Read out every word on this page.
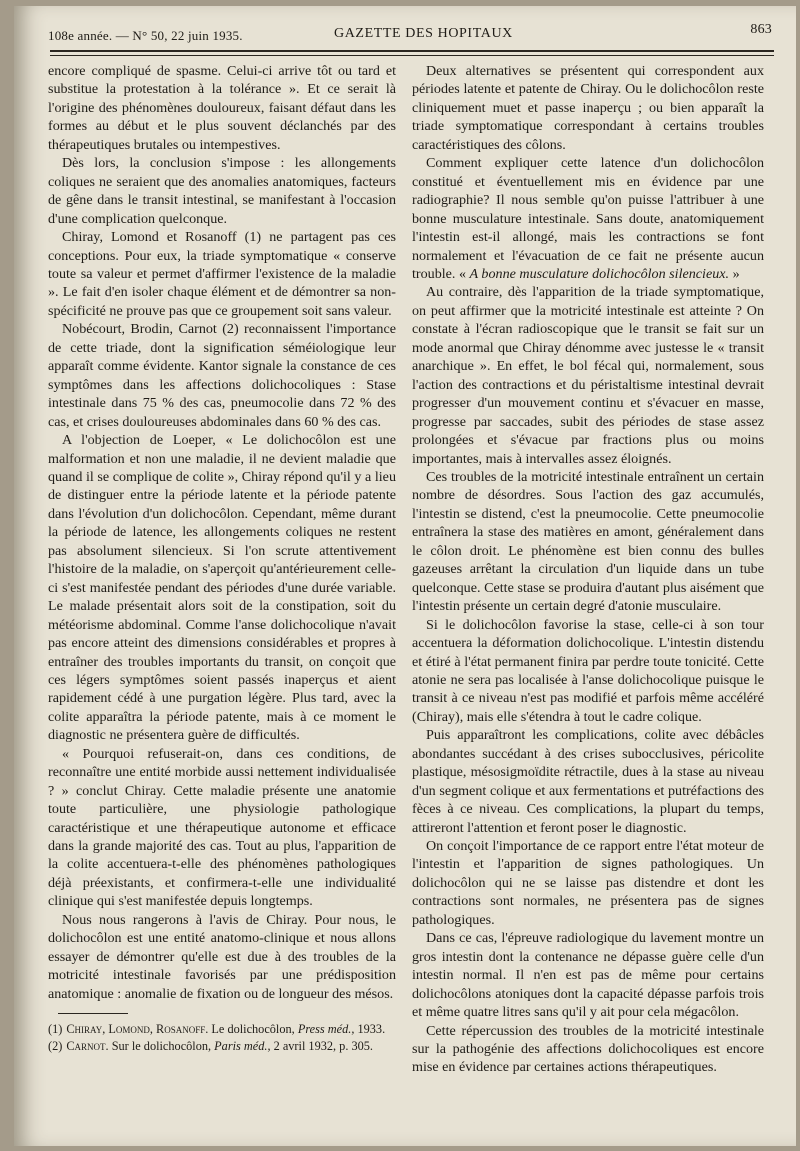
108e année. — N° 50, 22 juin 1935.	GAZETTE DES HOPITAUX	863

encore compliqué de spasme. Celui-ci arrive tôt ou tard et substitue la protestation à la tolérance ». Et ce serait là l'origine des phénomènes douloureux, faisant défaut dans les formes au début et le plus souvent déclanchés par des thérapeutiques brutales ou intempestives.

Dès lors, la conclusion s'impose : les allongements coliques ne seraient que des anomalies anatomiques, facteurs de gêne dans le transit intestinal, se manifestant à l'occasion d'une complication quelconque.

Chiray, Lomond et Rosanoff (1) ne partagent pas ces conceptions. Pour eux, la triade symptomatique « conserve toute sa valeur et permet d'affirmer l'existence de la maladie ». Le fait d'en isoler chaque élément et de démontrer sa non-spécificité ne prouve pas que ce groupement soit sans valeur.

Nobécourt, Brodin, Carnot (2) reconnaissent l'importance de cette triade, dont la signification séméiologique leur apparaît comme évidente. Kantor signale la constance de ces symptômes dans les affections dolichocoliques : Stase intestinale dans 75 % des cas, pneumocolie dans 72 % des cas, et crises douloureuses abdominales dans 60 % des cas.

A l'objection de Loeper, « Le dolichocôlon est une malformation et non une maladie, il ne devient maladie que quand il se complique de colite », Chiray répond qu'il y a lieu de distinguer entre la période latente et la période patente dans l'évolution d'un dolichocôlon. Cependant, même durant la période de latence, les allongements coliques ne restent pas absolument silencieux. Si l'on scrute attentivement l'histoire de la maladie, on s'aperçoit qu'antérieurement celle-ci s'est manifestée pendant des périodes d'une durée variable. Le malade présentait alors soit de la constipation, soit du météorisme abdominal. Comme l'anse dolichocolique n'avait pas encore atteint des dimensions considérables et propres à entraîner des troubles importants du transit, on conçoit que ces légers symptômes soient passés inaperçus et aient rapidement cédé à une purgation légère. Plus tard, avec la colite apparaîtra la période patente, mais à ce moment le diagnostic ne présentera guère de difficultés.

« Pourquoi refuserait-on, dans ces conditions, de reconnaître une entité morbide aussi nettement individualisée ? » conclut Chiray. Cette maladie présente une anatomie toute particulière, une physiologie pathologique caractéristique et une thérapeutique autonome et efficace dans la grande majorité des cas. Tout au plus, l'apparition de la colite accentuera-t-elle des phénomènes pathologiques déjà préexistants, et confirmera-t-elle une individualité clinique qui s'est manifestée depuis longtemps.

Nous nous rangerons à l'avis de Chiray. Pour nous, le dolichocôlon est une entité anatomo-clinique et nous allons essayer de démontrer qu'elle est due à des troubles de la motricité intestinale favorisés par une prédisposition anatomique : anomalie de fixation ou de longueur des mésos.

(1) Chiray, Lomond, Rosanoff. Le dolichocôlon, Press méd., 1933.

(2) Carnot. Sur le dolichocôlon, Paris méd., 2 avril 1932, p. 305.

Deux alternatives se présentent qui correspondent aux périodes latente et patente de Chiray. Ou le dolichocôlon reste cliniquement muet et passe inaperçu ; ou bien apparaît la triade symptomatique correspondant à certains troubles caractéristiques des côlons.

Comment expliquer cette latence d'un dolichocôlon constitué et éventuellement mis en évidence par une radiographie? Il nous semble qu'on puisse l'attribuer à une bonne musculature intestinale. Sans doute, anatomiquement l'intestin est-il allongé, mais les contractions se font normalement et l'évacuation de ce fait ne présente aucun trouble. « A bonne musculature dolichocôlon silencieux. »

Au contraire, dès l'apparition de la triade symptomatique, on peut affirmer que la motricité intestinale est atteinte ? On constate à l'écran radioscopique que le transit se fait sur un mode anormal que Chiray dénomme avec justesse le « transit anarchique ». En effet, le bol fécal qui, normalement, sous l'action des contractions et du péristaltisme intestinal devrait progresser d'un mouvement continu et s'évacuer en masse, progresse par saccades, subit des périodes de stase assez prolongées et s'évacue par fractions plus ou moins importantes, mais à intervalles assez éloignés.

Ces troubles de la motricité intestinale entraînent un certain nombre de désordres. Sous l'action des gaz accumulés, l'intestin se distend, c'est la pneumocolie. Cette pneumocolie entraînera la stase des matières en amont, généralement dans le côlon droit. Le phénomène est bien connu des bulles gazeuses arrêtant la circulation d'un liquide dans un tube quelconque. Cette stase se produira d'autant plus aisément que l'intestin présente un certain degré d'atonie musculaire.

Si le dolichocôlon favorise la stase, celle-ci à son tour accentuera la déformation dolichocolique. L'intestin distendu et étiré à l'état permanent finira par perdre toute tonicité. Cette atonie ne sera pas localisée à l'anse dolichocolique puisque le transit à ce niveau n'est pas modifié et parfois même accéléré (Chiray), mais elle s'étendra à tout le cadre colique.

Puis apparaîtront les complications, colite avec débâcles abondantes succédant à des crises subocclusives, péricolite plastique, mésosigmoïdite rétractile, dues à la stase au niveau d'un segment colique et aux fermentations et putréfactions des fèces à ce niveau. Ces complications, la plupart du temps, attireront l'attention et feront poser le diagnostic.

On conçoit l'importance de ce rapport entre l'état moteur de l'intestin et l'apparition de signes pathologiques. Un dolichocôlon qui ne se laisse pas distendre et dont les contractions sont normales, ne présentera pas de signes pathologiques.

Dans ce cas, l'épreuve radiologique du lavement montre un gros intestin dont la contenance ne dépasse guère celle d'un intestin normal. Il n'en est pas de même pour certains dolichocôlons atoniques dont la capacité dépasse parfois trois et même quatre litres sans qu'il y ait pour cela mégacôlon.

Cette répercussion des troubles de la motricité intestinale sur la pathogénie des affections dolichocoliques est encore mise en évidence par certaines actions thérapeutiques.
